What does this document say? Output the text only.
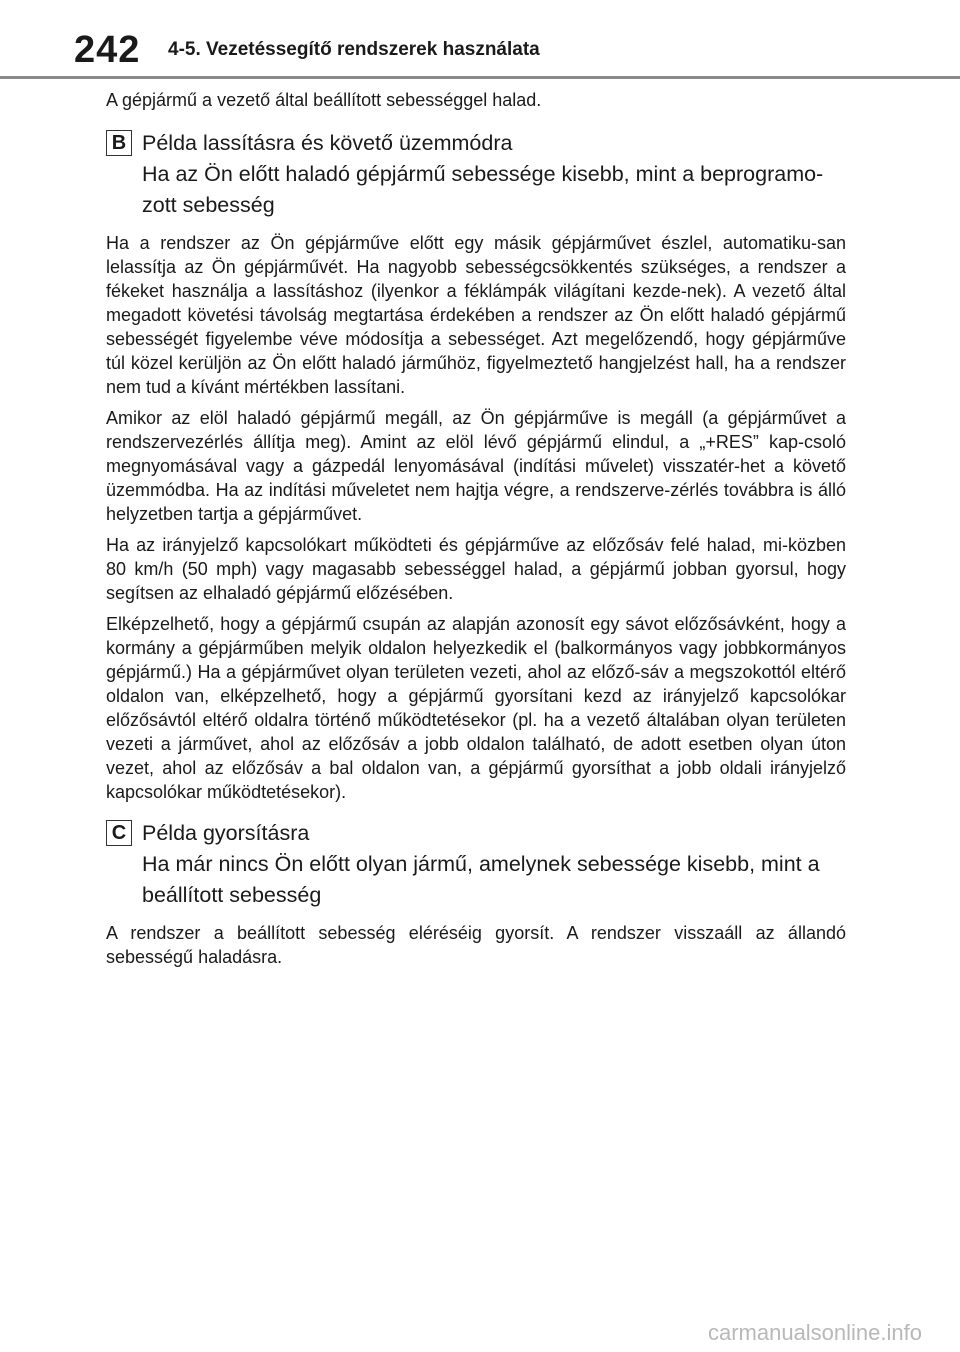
242 4-5. Vezetéssegítő rendszerek használata

A gépjármű a vezető által beállított sebességgel halad.

B Példa lassításra és követő üzemmódra

Ha az Ön előtt haladó gépjármű sebessége kisebb, mint a beprogramo-zott sebesség

Ha a rendszer az Ön gépjárműve előtt egy másik gépjárművet észlel, automatiku-san lelassítja az Ön gépjárművét. Ha nagyobb sebességcsökkentés szükséges, a rendszer a fékeket használja a lassításhoz (ilyenkor a féklámpák világítani kezde-nek). A vezető által megadott követési távolság megtartása érdekében a rendszer az Ön előtt haladó gépjármű sebességét figyelembe véve módosítja a sebességet. Azt megelőzendő, hogy gépjárműve túl közel kerüljön az Ön előtt haladó járműhöz, figyelmeztető hangjelzést hall, ha a rendszer nem tud a kívánt mértékben lassítani.

Amikor az elöl haladó gépjármű megáll, az Ön gépjárműve is megáll (a gépjárművet a rendszervezérlés állítja meg). Amint az elöl lévő gépjármű elindul, a „+RES” kap-csoló megnyomásával vagy a gázpedál lenyomásával (indítási művelet) visszatér-het a követő üzemmódba. Ha az indítási műveletet nem hajtja végre, a rendszerve-zérlés továbbra is álló helyzetben tartja a gépjárművet.

Ha az irányjelző kapcsolókart működteti és gépjárműve az előzősáv felé halad, mi-közben 80 km/h (50 mph) vagy magasabb sebességgel halad, a gépjármű jobban gyorsul, hogy segítsen az elhaladó gépjármű előzésében.

Elképzelhető, hogy a gépjármű csupán az alapján azonosít egy sávot előzősávként, hogy a kormány a gépjárműben melyik oldalon helyezkedik el (balkormányos vagy jobbkormányos gépjármű.) Ha a gépjárművet olyan területen vezeti, ahol az előző-sáv a megszokottól eltérő oldalon van, elképzelhető, hogy a gépjármű gyorsítani kezd az irányjelző kapcsolókar előzősávtól eltérő oldalra történő működtetésekor (pl. ha a vezető általában olyan területen vezeti a járművet, ahol az előzősáv a jobb oldalon található, de adott esetben olyan úton vezet, ahol az előzősáv a bal oldalon van, a gépjármű gyorsíthat a jobb oldali irányjelző kapcsolókar működtetésekor).

C Példa gyorsításra

Ha már nincs Ön előtt olyan jármű, amelynek sebessége kisebb, mint a beállított sebesség

A rendszer a beállított sebesség eléréséig gyorsít. A rendszer visszaáll az állandó sebességű haladásra.

carmanualsonline.info
